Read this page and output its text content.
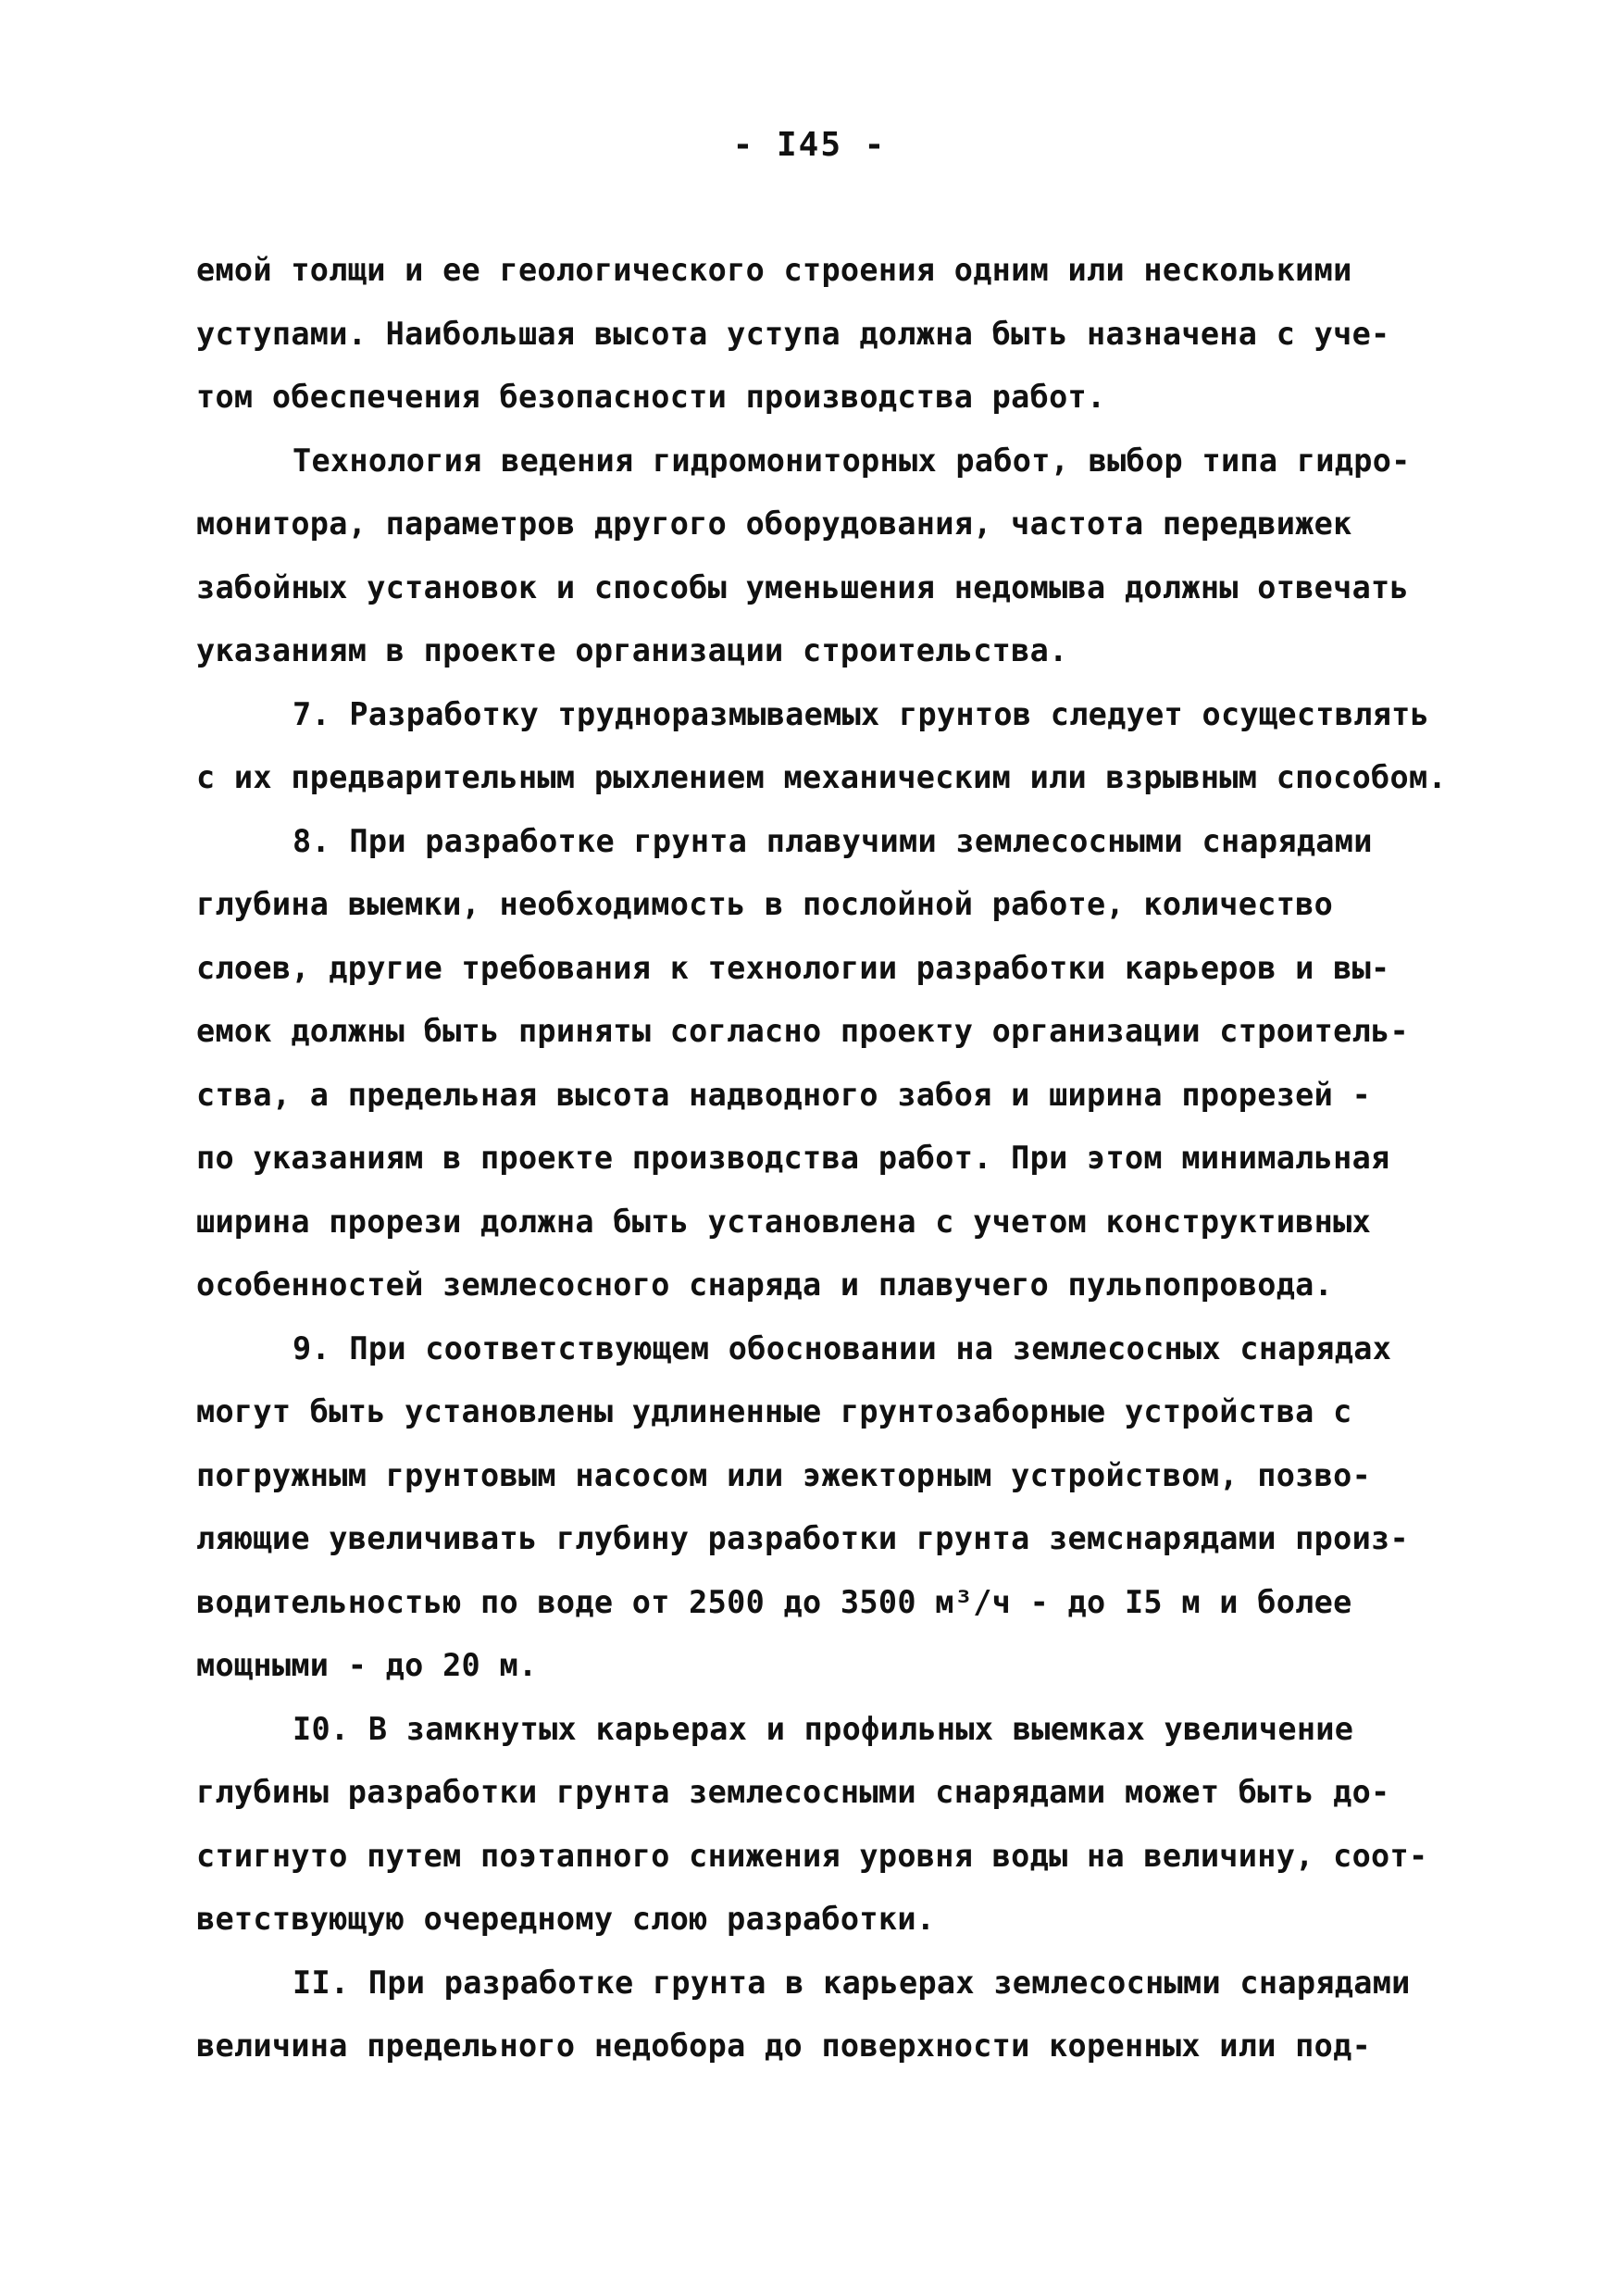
- I45 -
емой толщи и ее геологического строения одним или несколькими
уступами. Наибольшая высота уступа должна быть назначена с уче-
том обеспечения безопасности производства работ.
Технология ведения гидромониторных работ, выбор типа гидро-
монитора, параметров другого оборудования, частота передвижек
забойных установок и способы уменьшения недомыва должны отвечать
указаниям в проекте организации строительства.
7. Разработку трудноразмываемых грунтов следует осуществлять
с их предварительным рыхлением механическим или взрывным способом.
8. При разработке грунта плавучими землесосными снарядами
глубина выемки, необходимость в послойной работе, количество
слоев, другие требования к технологии разработки карьеров и вы-
емок должны быть приняты согласно проекту организации строитель-
ства, а предельная высота надводного забоя и ширина прорезей -
по указаниям в проекте производства работ. При этом минимальная
ширина прорези должна быть установлена с учетом конструктивных
особенностей землесосного снаряда и плавучего пульпопровода.
9. При соответствующем обосновании на землесосных снарядах
могут быть установлены удлиненные грунтозаборные устройства с
погружным грунтовым насосом или эжекторным устройством, позво-
ляющие увеличивать глубину разработки грунта земснарядами произ-
водительностью по воде от 2500 до 3500 м³/ч - до I5 м и более
мощными - до 20 м.
I0. В замкнутых карьерах и профильных выемках увеличение
глубины разработки грунта землесосными снарядами может быть до-
стигнуто путем поэтапного снижения уровня воды на величину, соот-
ветствующую очередному слою разработки.
II. При разработке грунта в карьерах землесосными снарядами
величина предельного недобора до поверхности коренных или под-
